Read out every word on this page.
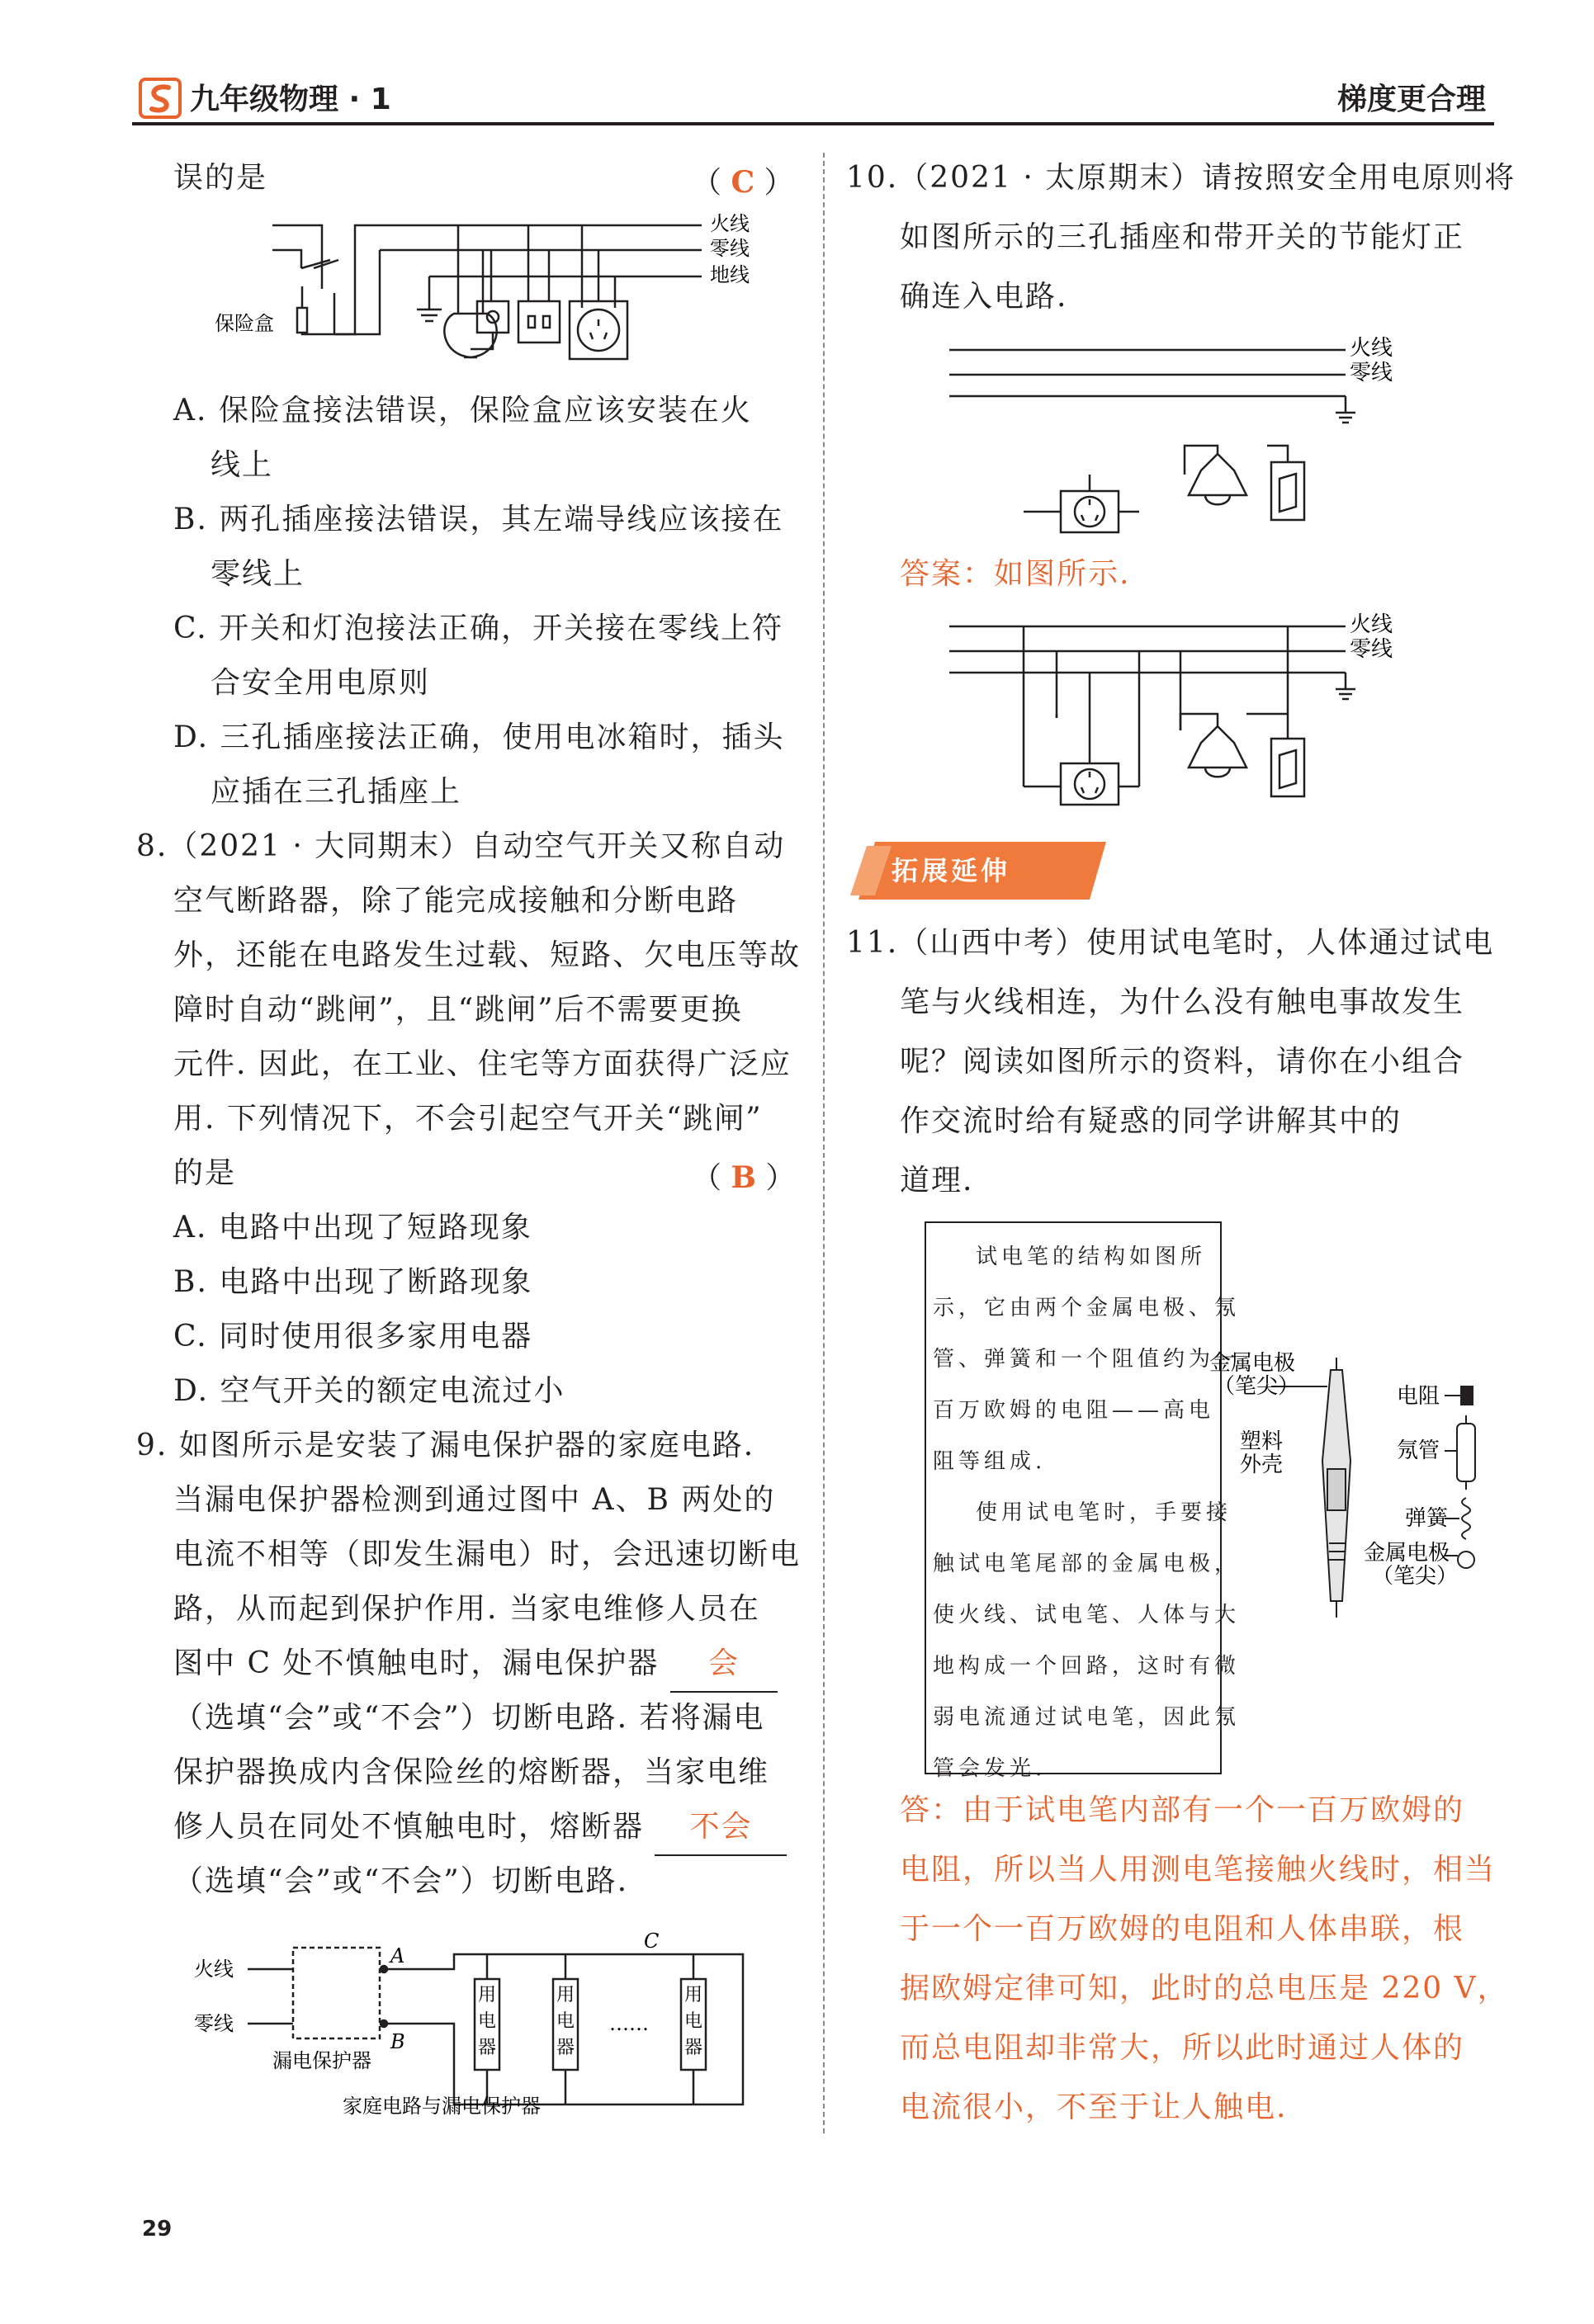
九年级物理 · 1	梯度更合理
误的是	（ C ）
火线
零线
地线
保险盒
A. 保险盒接法错误，保险盒应该安装在火
线上
B. 两孔插座接法错误，其左端导线应该接在
零线上
C. 开关和灯泡接法正确，开关接在零线上符
合安全用电原则
D. 三孔插座接法正确，使用电冰箱时，插头
应插在三孔插座上
8.（2021 · 大同期末）自动空气开关又称自动
空气断路器，除了能完成接触和分断电路
外，还能在电路发生过载、短路、欠电压等故
障时自动“跳闸”，且“跳闸”后不需要更换
元件. 因此，在工业、住宅等方面获得广泛应
用. 下列情况下，不会引起空气开关“跳闸”
的是	（ B ）
A. 电路中出现了短路现象
B. 电路中出现了断路现象
C. 同时使用很多家用电器
D. 空气开关的额定电流过小
9. 如图所示是安装了漏电保护器的家庭电路.
当漏电保护器检测到通过图中 A、B 两处的
电流不相等（即发生漏电）时，会迅速切断电
路，从而起到保护作用. 当家电维修人员在
图中 C 处不慎触电时，漏电保护器 会
（选填“会”或“不会”）切断电路. 若将漏电
保护器换成内含保险丝的熔断器，当家电维
修人员在同处不慎触电时，熔断器 不会
（选填“会”或“不会”）切断电路.
火线
零线
A
B
C
漏电保护器
……
用
电
器
用
电
器
用
电
器
家庭电路与漏电保护器
10.（2021 · 太原期末）请按照安全用电原则将
如图所示的三孔插座和带开关的节能灯正
确连入电路.
火线
零线
答案：如图所示.
火线
零线
拓展延伸
11.（山西中考）使用试电笔时，人体通过试电
笔与火线相连，为什么没有触电事故发生
呢？阅读如图所示的资料，请你在小组合
作交流时给有疑惑的同学讲解其中的
道理.
试电笔的结构如图所
示，它由两个金属电极、氖
管、弹簧和一个阻值约为一
百万欧姆的电阻——高电
阻等组成.
使用试电笔时，手要接
触试电笔尾部的金属电极，
使火线、试电笔、人体与大
地构成一个回路，这时有微
弱电流通过试电笔，因此氖
管会发光.
金属电极
（笔尖）
塑料
外壳
电阻
氖管
弹簧
金属电极
（笔尖）
答：由于试电笔内部有一个一百万欧姆的
电阻，所以当人用测电笔接触火线时，相当
于一个一百万欧姆的电阻和人体串联，根
据欧姆定律可知，此时的总电压是 220 V，
而总电阻却非常大，所以此时通过人体的
电流很小，不至于让人触电.
29
